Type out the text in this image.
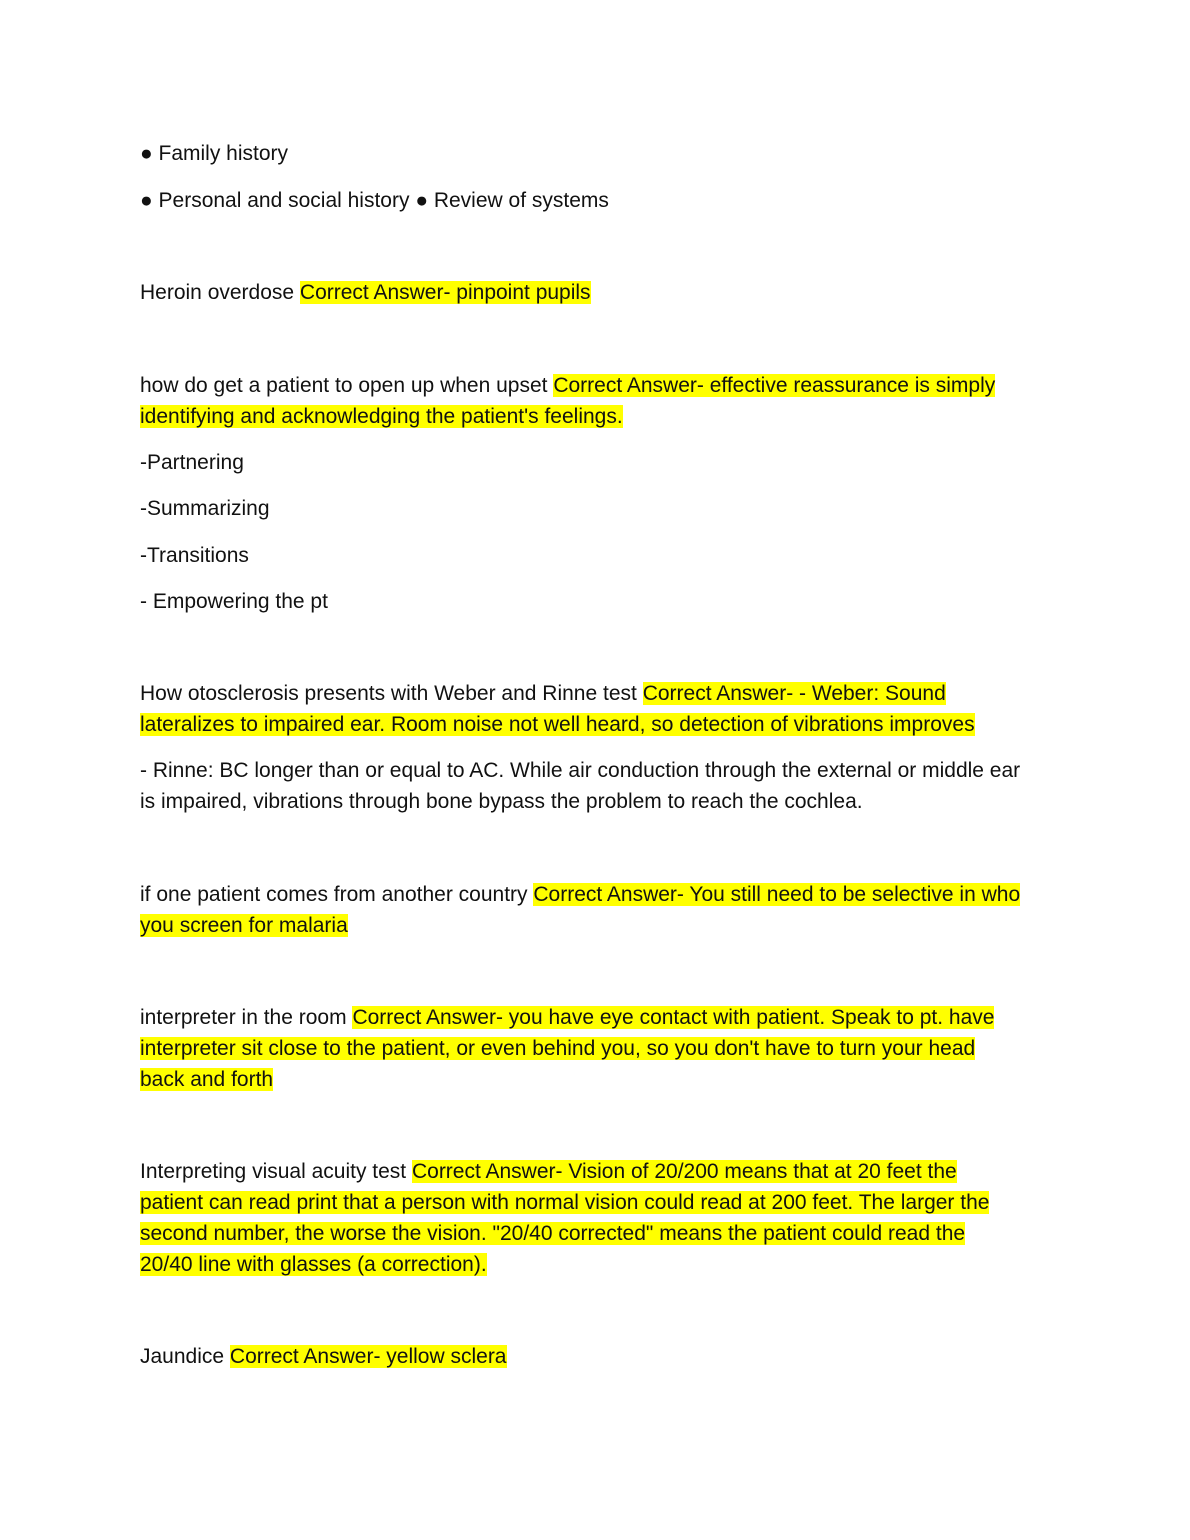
● Family history
● Personal and social history ● Review of systems
Heroin overdose Correct Answer- pinpoint pupils
how do get a patient to open up when upset Correct Answer- effective reassurance is simply
identifying and acknowledging the patient's feelings.
-Partnering
-Summarizing
-Transitions
- Empowering the pt
How otosclerosis presents with Weber and Rinne test Correct Answer- - Weber: Sound
lateralizes to impaired ear. Room noise not well heard, so detection of vibrations improves
- Rinne: BC longer than or equal to AC. While air conduction through the external or middle ear
is impaired, vibrations through bone bypass the problem to reach the cochlea.
if one patient comes from another country Correct Answer- You still need to be selective in who
you screen for malaria
interpreter in the room Correct Answer- you have eye contact with patient. Speak to pt. have
interpreter sit close to the patient, or even behind you, so you don't have to turn your head
back and forth
Interpreting visual acuity test Correct Answer- Vision of 20/200 means that at 20 feet the
patient can read print that a person with normal vision could read at 200 feet. The larger the
second number, the worse the vision. "20/40 corrected" means the patient could read the
20/40 line with glasses (a correction).
Jaundice Correct Answer- yellow sclera
